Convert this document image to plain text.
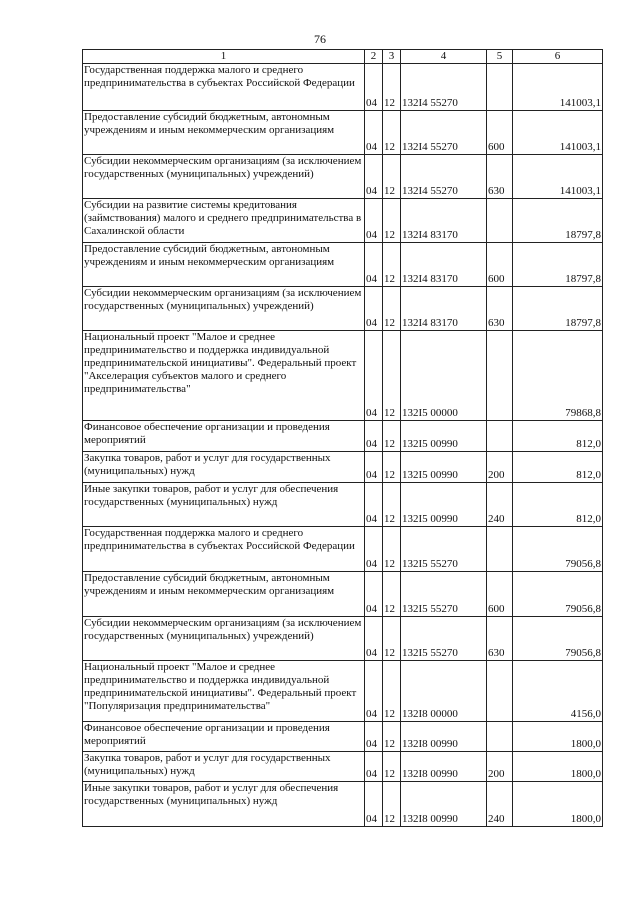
76
1	2	3	4	5	6
Государственная поддержка малого и среднего предпринимательства в субъектах Российской Федерации	04	12	132I4 55270		141003,1
Предоставление субсидий бюджетным, автономным учреждениям и иным некоммерческим организациям	04	12	132I4 55270	600	141003,1
Субсидии некоммерческим организациям (за исключением государственных (муниципальных) учреждений)	04	12	132I4 55270	630	141003,1
Субсидии на развитие системы кредитования (займствования) малого и среднего предпринимательства в Сахалинской области	04	12	132I4 83170		18797,8
Предоставление субсидий бюджетным, автономным учреждениям и иным некоммерческим организациям	04	12	132I4 83170	600	18797,8
Субсидии некоммерческим организациям (за исключением государственных (муниципальных) учреждений)	04	12	132I4 83170	630	18797,8
Национальный проект "Малое и среднее предпринимательство и поддержка индивидуальной предпринимательской инициативы". Федеральный проект "Акселерация субъектов малого и среднего предпринимательства"	04	12	132I5 00000		79868,8
Финансовое обеспечение организации и проведения мероприятий	04	12	132I5 00990		812,0
Закупка товаров, работ и услуг для государственных (муниципальных) нужд	04	12	132I5 00990	200	812,0
Иные закупки товаров, работ и услуг для обеспечения государственных (муниципальных) нужд	04	12	132I5 00990	240	812,0
Государственная поддержка малого и среднего предпринимательства в субъектах Российской Федерации	04	12	132I5 55270		79056,8
Предоставление субсидий бюджетным, автономным учреждениям и иным некоммерческим организациям	04	12	132I5 55270	600	79056,8
Субсидии некоммерческим организациям (за исключением государственных (муниципальных) учреждений)	04	12	132I5 55270	630	79056,8
Национальный проект "Малое и среднее предпринимательство и поддержка индивидуальной предпринимательской инициативы". Федеральный проект "Популяризация предпринимательства"	04	12	132I8 00000		4156,0
Финансовое обеспечение организации и проведения мероприятий	04	12	132I8 00990		1800,0
Закупка товаров, работ и услуг для государственных (муниципальных) нужд	04	12	132I8 00990	200	1800,0
Иные закупки товаров, работ и услуг для обеспечения государственных (муниципальных) нужд	04	12	132I8 00990	240	1800,0
